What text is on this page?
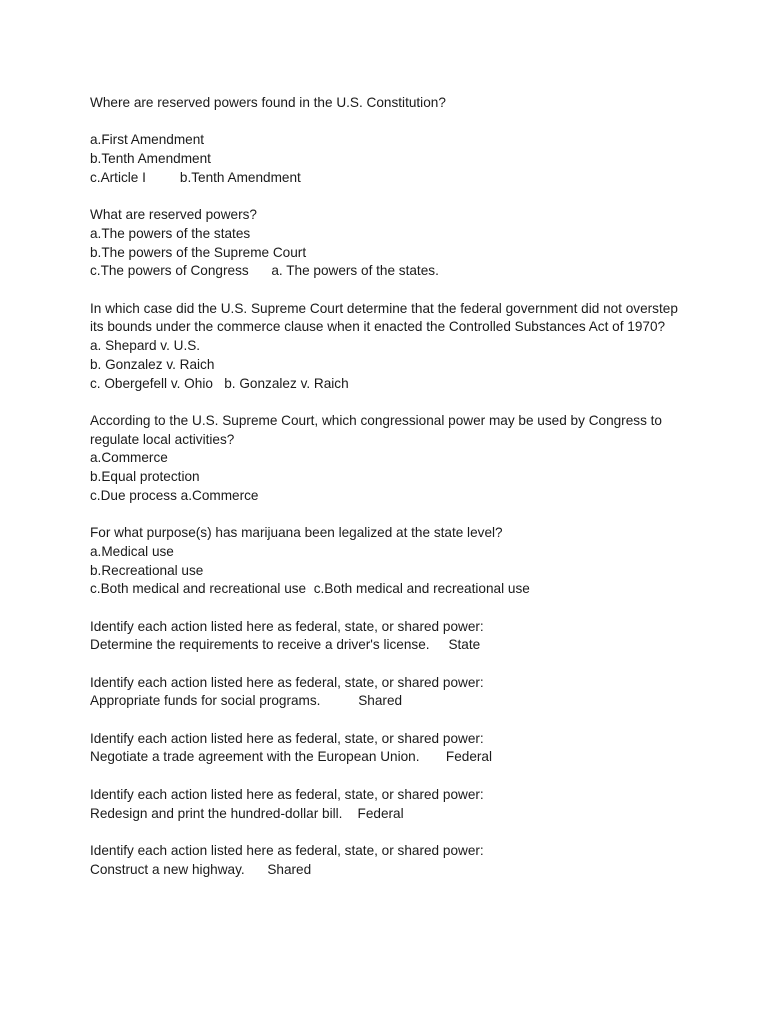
Where are reserved powers found in the U.S. Constitution?
a.First Amendment
b.Tenth Amendment
c.Article I	b.Tenth Amendment
What are reserved powers?
a.The powers of the states
b.The powers of the Supreme Court
c.The powers of Congress a. The powers of the states.
In which case did the U.S. Supreme Court determine that the federal government did not overstep its bounds under the commerce clause when it enacted the Controlled Substances Act of 1970?
a. Shepard v. U.S.
b. Gonzalez v. Raich
c. Obergefell v. Ohio b. Gonzalez v. Raich
According to the U.S. Supreme Court, which congressional power may be used by Congress to regulate local activities?
a.Commerce
b.Equal protection
c.Due process a.Commerce
For what purpose(s) has marijuana been legalized at the state level?
a.Medical use
b.Recreational use
c.Both medical and recreational use c.Both medical and recreational use
Identify each action listed here as federal, state, or shared power:
Determine the requirements to receive a driver's license. State
Identify each action listed here as federal, state, or shared power:
Appropriate funds for social programs.	Shared
Identify each action listed here as federal, state, or shared power:
Negotiate a trade agreement with the European Union. Federal
Identify each action listed here as federal, state, or shared power:
Redesign and print the hundred-dollar bill. Federal
Identify each action listed here as federal, state, or shared power:
Construct a new highway. Shared
